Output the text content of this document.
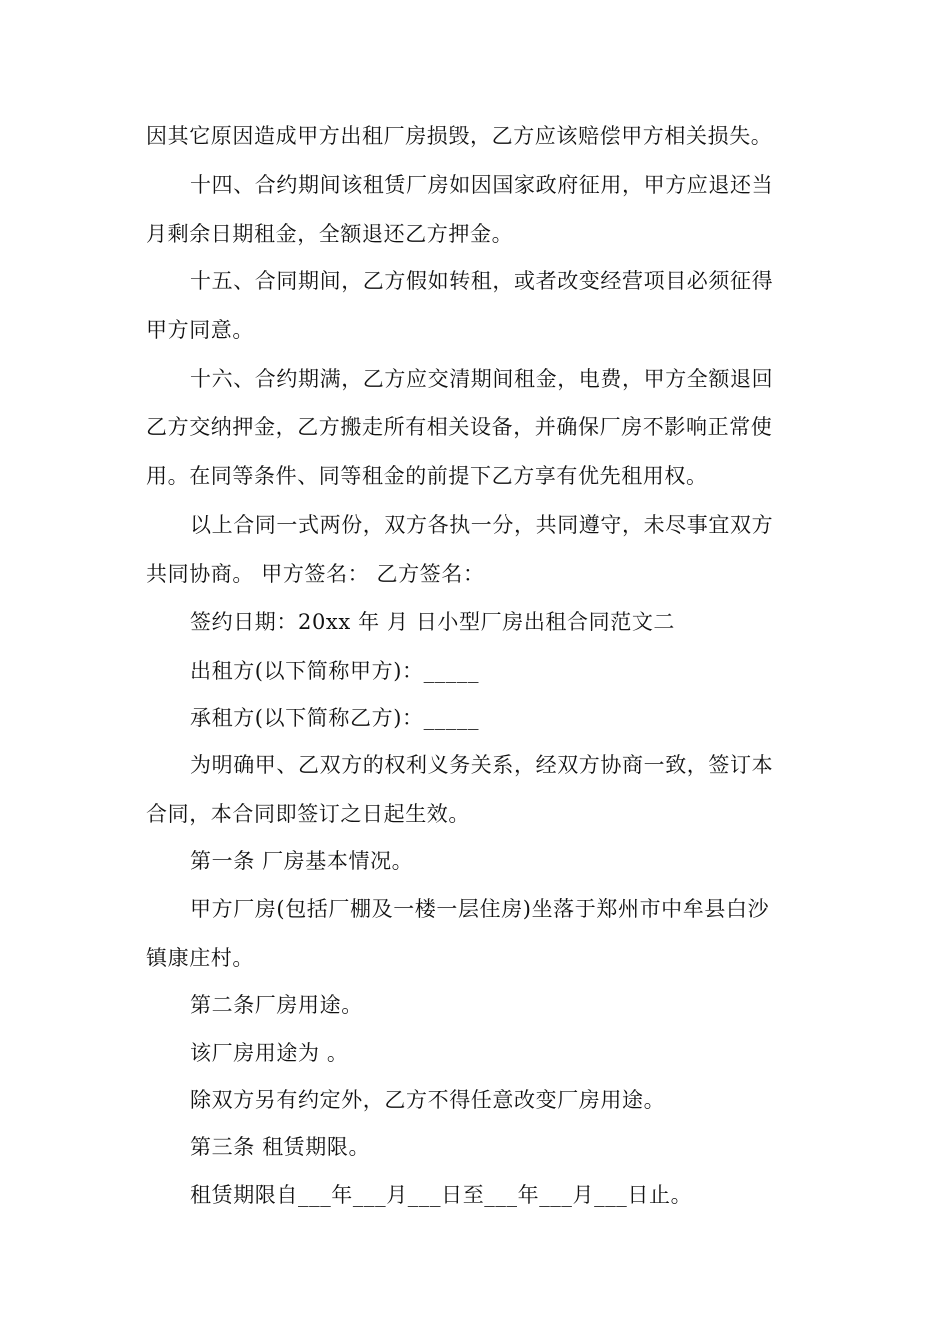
因其它原因造成甲方出租厂房损毁，乙方应该赔偿甲方相关损失。
十四、合约期间该租赁厂房如因国家政府征用，甲方应退还当
月剩余日期租金，全额退还乙方押金。
十五、合同期间，乙方假如转租，或者改变经营项目必须征得
甲方同意。
十六、合约期满，乙方应交清期间租金，电费，甲方全额退回
乙方交纳押金，乙方搬走所有相关设备，并确保厂房不影响正常使
用。在同等条件、同等租金的前提下乙方享有优先租用权。
以上合同一式两份，双方各执一分，共同遵守，未尽事宜双方
共同协商。 甲方签名： 乙方签名：
签约日期：20xx 年 月 日小型厂房出租合同范文二
出租方(以下简称甲方)：_____
承租方(以下简称乙方)：_____
为明确甲、乙双方的权利义务关系，经双方协商一致，签订本
合同，本合同即签订之日起生效。
第一条 厂房基本情况。
甲方厂房(包括厂棚及一楼一层住房)坐落于郑州市中牟县白沙
镇康庄村。
第二条厂房用途。
该厂房用途为 。
除双方另有约定外，乙方不得任意改变厂房用途。
第三条 租赁期限。
租赁期限自___年___月___日至___年___月___日止。
